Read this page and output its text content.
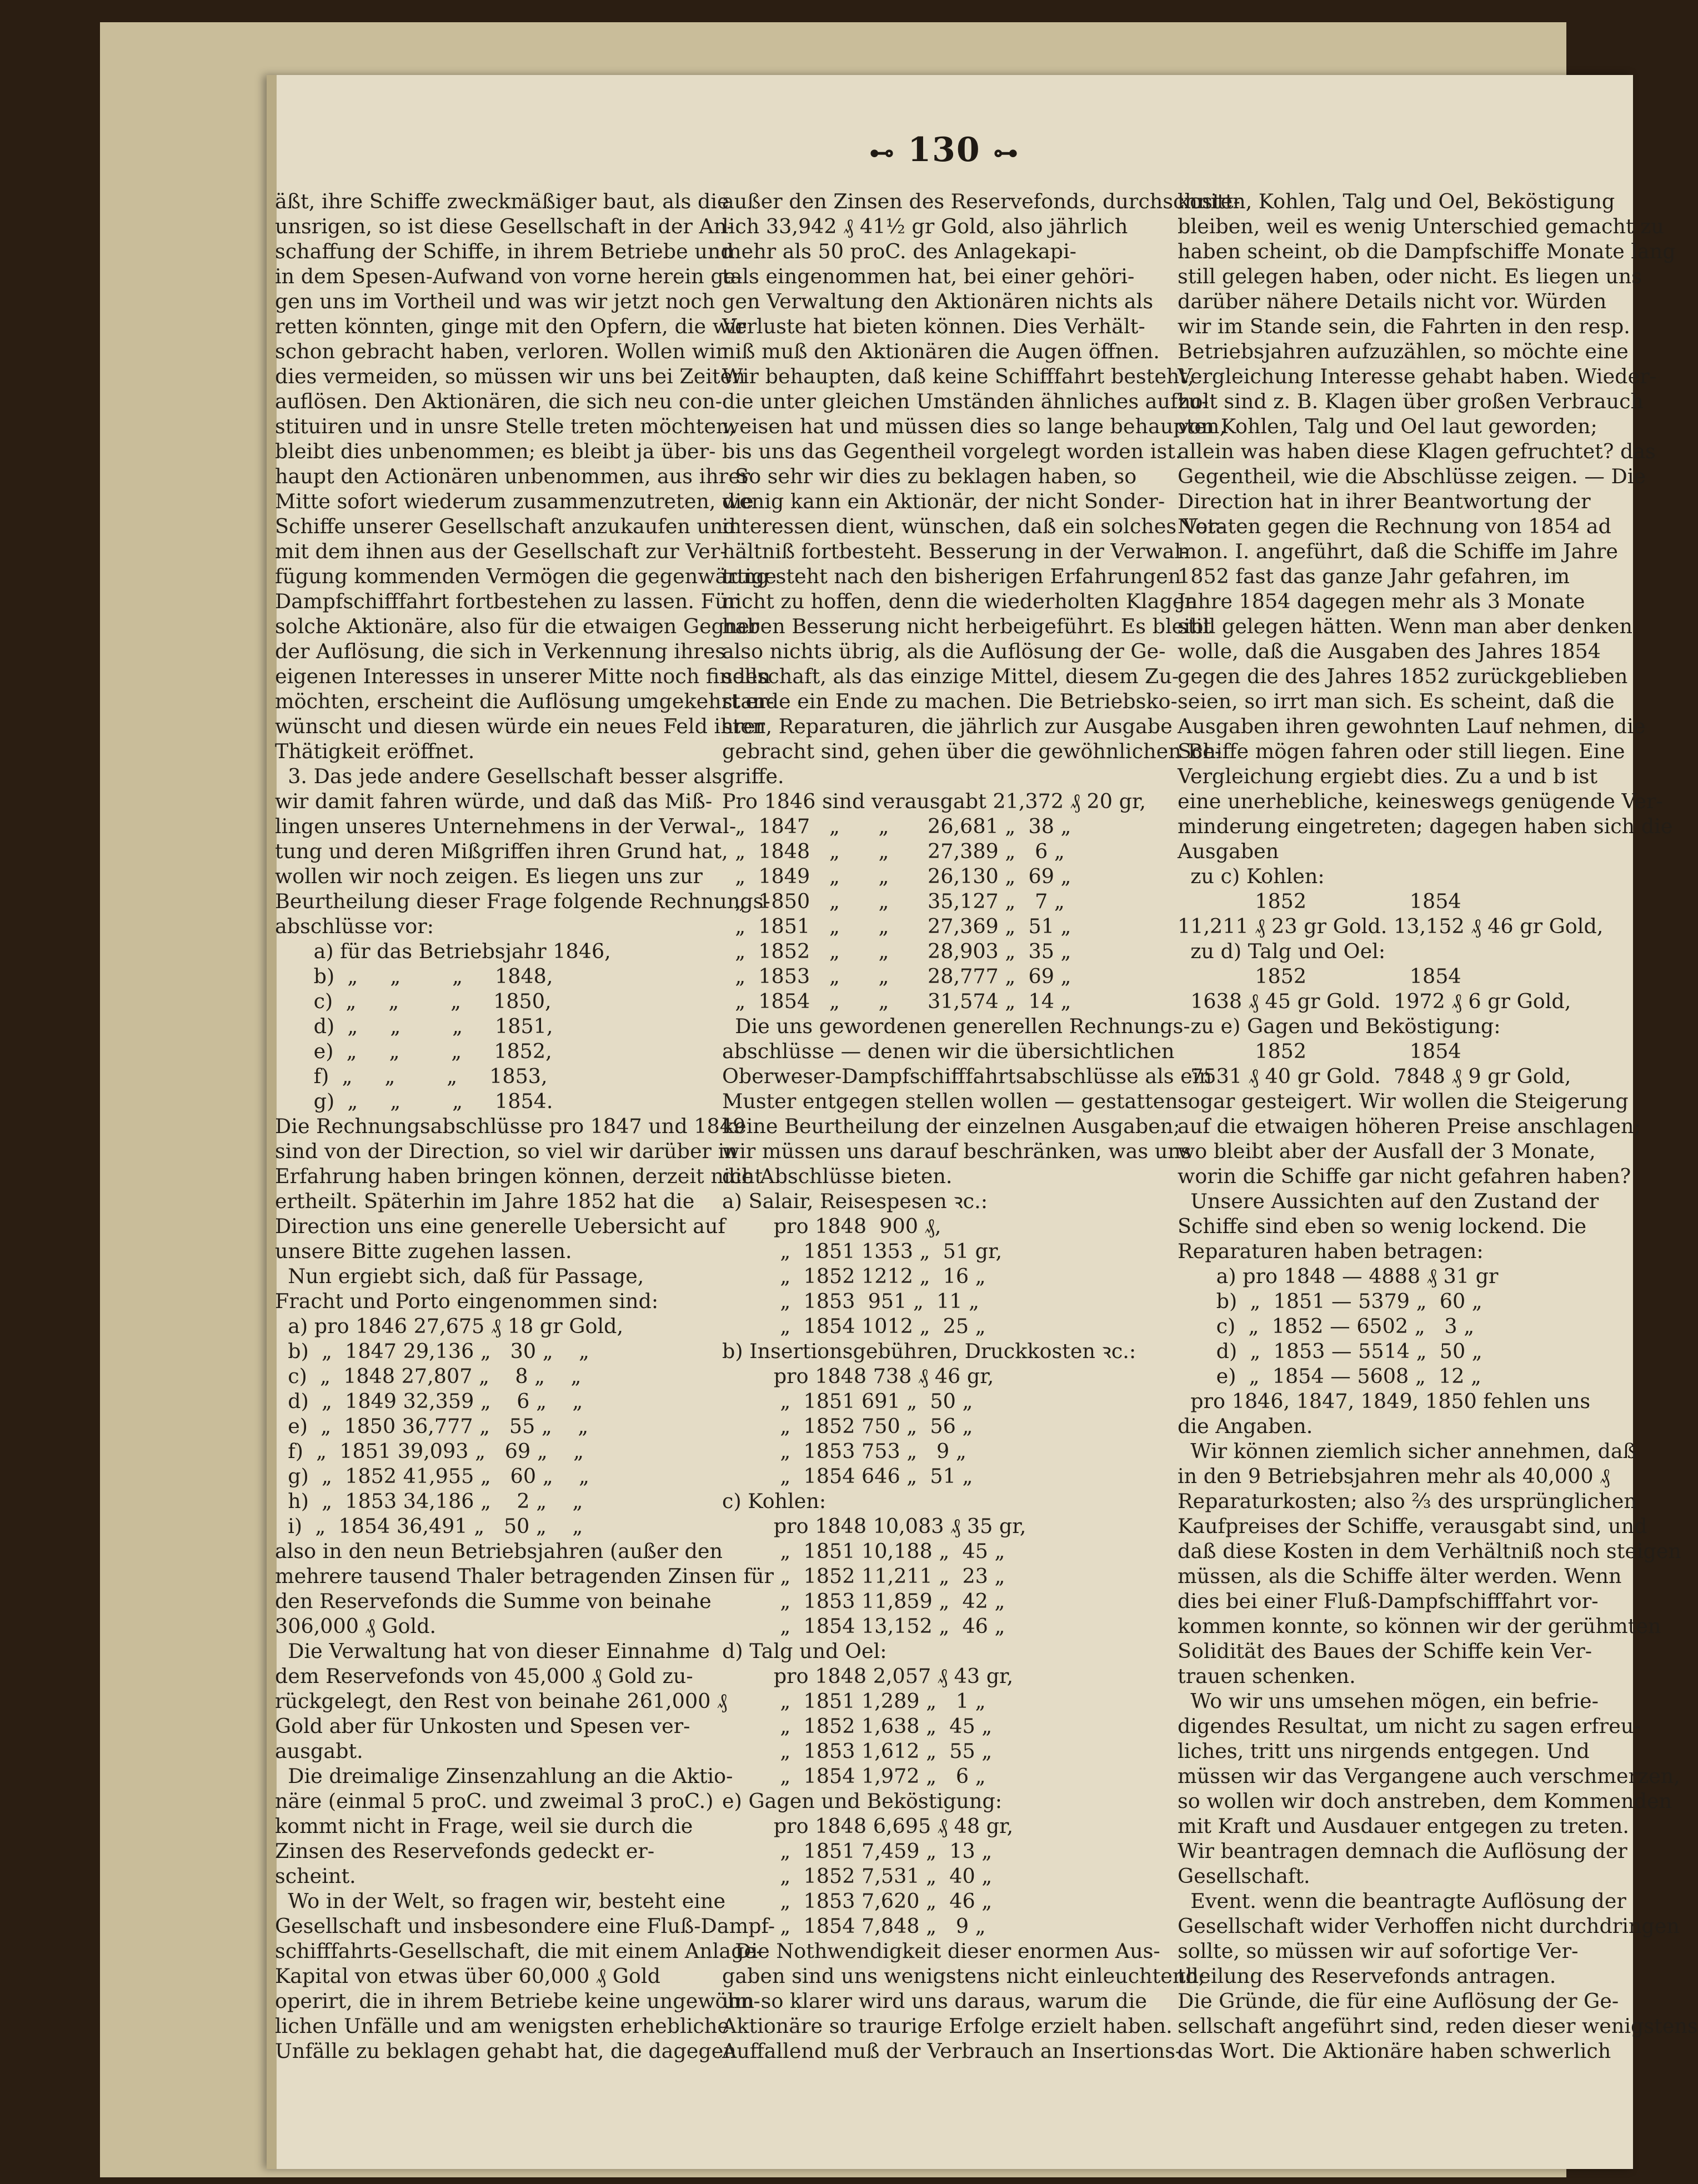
⊷ 130 ⊶

äßt, ihre Schiffe zweckmäßiger baut, als die

unsrigen, so ist diese Gesellschaft in der An-

schaffung der Schiffe, in ihrem Betriebe und

in dem Spesen-Aufwand von vorne herein ge-

gen uns im Vortheil und was wir jetzt noch

retten könnten, ginge mit den Opfern, die wir

schon gebracht haben, verloren. Wollen wir

dies vermeiden, so müssen wir uns bei Zeiten

auflösen. Den Aktionären, die sich neu con-

stituiren und in unsre Stelle treten möchten,

bleibt dies unbenommen; es bleibt ja über-

haupt den Actionären unbenommen, aus ihrer

Mitte sofort wiederum zusammenzutreten, die

Schiffe unserer Gesellschaft anzukaufen und

mit dem ihnen aus der Gesellschaft zur Ver-

fügung kommenden Vermögen die gegenwärtige

Dampfschifffahrt fortbestehen zu lassen. Für

solche Aktionäre, also für die etwaigen Gegner

der Auflösung, die sich in Verkennung ihres

eigenen Interesses in unserer Mitte noch finden

möchten, erscheint die Auflösung umgekehrt er-

wünscht und diesen würde ein neues Feld ihrer

Thätigkeit eröffnet.

3. Das jede andere Gesellschaft besser als

wir damit fahren würde, und daß das Miß-

lingen unseres Unternehmens in der Verwal-

tung und deren Mißgriffen ihren Grund hat,

wollen wir noch zeigen. Es liegen uns zur

Beurtheilung dieser Frage folgende Rechnungs-

abschlüsse vor:

a) für das Betriebsjahr 1846,

b)  „     „        „     1848,

c)  „     „        „     1850,

d)  „     „        „     1851,

e)  „     „        „     1852,

f)  „     „        „     1853,

g)  „     „        „     1854.

Die Rechnungsabschlüsse pro 1847 und 1849

sind von der Direction, so viel wir darüber in

Erfahrung haben bringen können, derzeit nicht

ertheilt. Späterhin im Jahre 1852 hat die

Direction uns eine generelle Uebersicht auf

unsere Bitte zugehen lassen.

Nun ergiebt sich, daß für Passage,

Fracht und Porto eingenommen sind:

a) pro 1846 27,675 ₰ 18 gr Gold,

b)  „  1847 29,136 „   30 „    „

c)  „  1848 27,807 „    8 „    „

d)  „  1849 32,359 „    6 „    „

e)  „  1850 36,777 „   55 „    „

f)  „  1851 39,093 „   69 „    „

g)  „  1852 41,955 „   60 „    „

h)  „  1853 34,186 „    2 „    „

i)  „  1854 36,491 „   50 „    „

also in den neun Betriebsjahren (außer den

mehrere tausend Thaler betragenden Zinsen für

den Reservefonds die Summe von beinahe

306,000 ₰ Gold.

Die Verwaltung hat von dieser Einnahme

dem Reservefonds von 45,000 ₰ Gold zu-

rückgelegt, den Rest von beinahe 261,000 ₰

Gold aber für Unkosten und Spesen ver-

ausgabt.

Die dreimalige Zinsenzahlung an die Aktio-

näre (einmal 5 proC. und zweimal 3 proC.)

kommt nicht in Frage, weil sie durch die

Zinsen des Reservefonds gedeckt er-

scheint.

Wo in der Welt, so fragen wir, besteht eine

Gesellschaft und insbesondere eine Fluß-Dampf-

schifffahrts-Gesellschaft, die mit einem Anlage-

Kapital von etwas über 60,000 ₰ Gold

operirt, die in ihrem Betriebe keine ungewöhn-

lichen Unfälle und am wenigsten erhebliche

Unfälle zu beklagen gehabt hat, die dagegen

außer den Zinsen des Reservefonds, durchschnitt-

lich 33,942 ₰ 41½ gr Gold, also jährlich

mehr als 50 proC. des Anlagekapi-

tals eingenommen hat, bei einer gehöri-

gen Verwaltung den Aktionären nichts als

Verluste hat bieten können. Dies Verhält-

niß muß den Aktionären die Augen öffnen.

Wir behaupten, daß keine Schifffahrt besteht,

die unter gleichen Umständen ähnliches aufzu-

weisen hat und müssen dies so lange behaupten,

bis uns das Gegentheil vorgelegt worden ist.

So sehr wir dies zu beklagen haben, so

wenig kann ein Aktionär, der nicht Sonder-

interessen dient, wünschen, daß ein solches Ver-

hältniß fortbesteht. Besserung in der Verwal-

tung steht nach den bisherigen Erfahrungen

nicht zu hoffen, denn die wiederholten Klagen

haben Besserung nicht herbeigeführt. Es bleibt

also nichts übrig, als die Auflösung der Ge-

sellschaft, als das einzige Mittel, diesem Zu-

stande ein Ende zu machen. Die Betriebsko-

sten, Reparaturen, die jährlich zur Ausgabe

gebracht sind, gehen über die gewöhnlichen Be-

griffe.

Pro 1846 sind verausgabt 21,372 ₰ 20 gr,

„  1847   „      „      26,681 „  38 „

„  1848   „      „      27,389 „   6 „

„  1849   „      „      26,130 „  69 „

„  1850   „      „      35,127 „   7 „

„  1851   „      „      27,369 „  51 „

„  1852   „      „      28,903 „  35 „

„  1853   „      „      28,777 „  69 „

„  1854   „      „      31,574 „  14 „

Die uns gewordenen generellen Rechnungs-

abschlüsse — denen wir die übersichtlichen

Oberweser-Dampfschifffahrtsabschlüsse als ein

Muster entgegen stellen wollen — gestatten

keine Beurtheilung der einzelnen Ausgaben;

wir müssen uns darauf beschränken, was uns

die Abschlüsse bieten.

a) Salair, Reisespesen ꝛc.:

pro 1848  900 ₰,

„  1851 1353 „  51 gr,

„  1852 1212 „  16 „

„  1853  951 „  11 „

„  1854 1012 „  25 „

b) Insertionsgebühren, Druckkosten ꝛc.:

pro 1848 738 ₰ 46 gr,

„  1851 691 „  50 „

„  1852 750 „  56 „

„  1853 753 „   9 „

„  1854 646 „  51 „

c) Kohlen:

pro 1848 10,083 ₰ 35 gr,

„  1851 10,188 „  45 „

„  1852 11,211 „  23 „

„  1853 11,859 „  42 „

„  1854 13,152 „  46 „

d) Talg und Oel:

pro 1848 2,057 ₰ 43 gr,

„  1851 1,289 „   1 „

„  1852 1,638 „  45 „

„  1853 1,612 „  55 „

„  1854 1,972 „   6 „

e) Gagen und Beköstigung:

pro 1848 6,695 ₰ 48 gr,

„  1851 7,459 „  13 „

„  1852 7,531 „  40 „

„  1853 7,620 „  46 „

„  1854 7,848 „   9 „

Die Nothwendigkeit dieser enormen Aus-

gaben sind uns wenigstens nicht einleuchtend;

um so klarer wird uns daraus, warum die

Aktionäre so traurige Erfolge erzielt haben.

Auffallend muß der Verbrauch an Insertions-

kosten, Kohlen, Talg und Oel, Beköstigung

bleiben, weil es wenig Unterschied gemacht zu

haben scheint, ob die Dampfschiffe Monate lang

still gelegen haben, oder nicht. Es liegen uns

darüber nähere Details nicht vor. Würden

wir im Stande sein, die Fahrten in den resp.

Betriebsjahren aufzuzählen, so möchte eine

Vergleichung Interesse gehabt haben. Wieder-

holt sind z. B. Klagen über großen Verbrauch

von Kohlen, Talg und Oel laut geworden;

allein was haben diese Klagen gefruchtet? das

Gegentheil, wie die Abschlüsse zeigen. — Die

Direction hat in ihrer Beantwortung der

Notaten gegen die Rechnung von 1854 ad

mon. I. angeführt, daß die Schiffe im Jahre

1852 fast das ganze Jahr gefahren, im

Jahre 1854 dagegen mehr als 3 Monate

still gelegen hätten. Wenn man aber denken

wolle, daß die Ausgaben des Jahres 1854

gegen die des Jahres 1852 zurückgeblieben

seien, so irrt man sich. Es scheint, daß die

Ausgaben ihren gewohnten Lauf nehmen, die

Schiffe mögen fahren oder still liegen. Eine

Vergleichung ergiebt dies. Zu a und b ist

eine unerhebliche, keineswegs genügende Ver-

minderung eingetreten; dagegen haben sich die

Ausgaben

zu c) Kohlen:

1852                1854

11,211 ₰ 23 gr Gold. 13,152 ₰ 46 gr Gold,

zu d) Talg und Oel:

1852                1854

1638 ₰ 45 gr Gold.  1972 ₰ 6 gr Gold,

zu e) Gagen und Beköstigung:

1852                1854

7531 ₰ 40 gr Gold.  7848 ₰ 9 gr Gold,

sogar gesteigert. Wir wollen die Steigerung

auf die etwaigen höheren Preise anschlagen;

wo bleibt aber der Ausfall der 3 Monate,

worin die Schiffe gar nicht gefahren haben?

Unsere Aussichten auf den Zustand der

Schiffe sind eben so wenig lockend. Die

Reparaturen haben betragen:

a) pro 1848 — 4888 ₰ 31 gr

b)  „  1851 — 5379 „  60 „

c)  „  1852 — 6502 „   3 „

d)  „  1853 — 5514 „  50 „

e)  „  1854 — 5608 „  12 „

pro 1846, 1847, 1849, 1850 fehlen uns

die Angaben.

Wir können ziemlich sicher annehmen, daß

in den 9 Betriebsjahren mehr als 40,000 ₰

Reparaturkosten; also ⅔ des ursprünglichen

Kaufpreises der Schiffe, verausgabt sind, und

daß diese Kosten in dem Verhältniß noch steigen

müssen, als die Schiffe älter werden. Wenn

dies bei einer Fluß-Dampfschifffahrt vor-

kommen konnte, so können wir der gerühmten

Solidität des Baues der Schiffe kein Ver-

trauen schenken.

Wo wir uns umsehen mögen, ein befrie-

digendes Resultat, um nicht zu sagen erfreu-

liches, tritt uns nirgends entgegen. Und

müssen wir das Vergangene auch verschmerzen,

so wollen wir doch anstreben, dem Kommenden

mit Kraft und Ausdauer entgegen zu treten.

Wir beantragen demnach die Auflösung der

Gesellschaft.

Event. wenn die beantragte Auflösung der

Gesellschaft wider Verhoffen nicht durchdringen

sollte, so müssen wir auf sofortige Ver-

theilung des Reservefonds antragen.

Die Gründe, die für eine Auflösung der Ge-

sellschaft angeführt sind, reden dieser wenigstens

das Wort. Die Aktionäre haben schwerlich
